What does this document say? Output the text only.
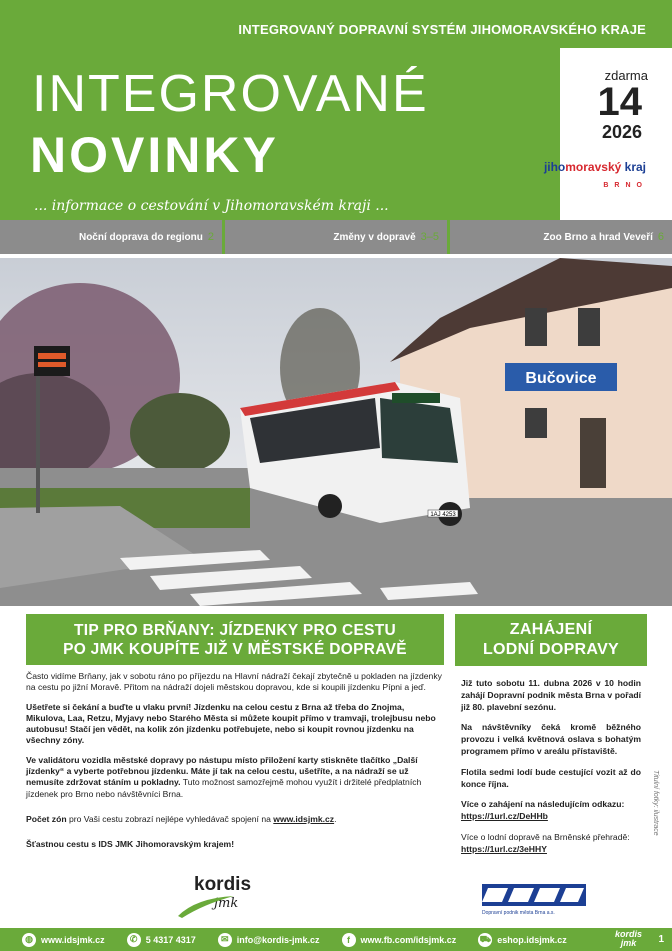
INTEGROVANÝ DOPRAVNÍ SYSTÉM JIHOMORAVSKÉHO KRAJE
INTEGROVANÉ
NOVINKY
... informace o cestování v Jihomoravském kraji ...
zdarma
14
2026
jihomoravský kraj
B R N O
Noční doprava do regionu 2	Změny v dopravě 3–5	Zoo Brno a hrad Veveří 6
Bučovice
1AJ 4253
TIP PRO BRŇANY: JÍZDENKY PRO CESTU
PO JMK KOUPÍTE JIŽ V MĚSTSKÉ DOPRAVĚ

Často vidíme Brňany, jak v sobotu ráno po příjezdu na Hlavní nádraží čekají zbytečně u pokladen na jízdenky na cestu po jižní Moravě. Přitom na nádraží dojeli městskou dopravou, kde si koupili jízdenku Pípni a jeď.

Ušetřete si čekání a buďte u vlaku první! Jízdenku na celou cestu z Brna až třeba do Znojma, Mikulova, Laa, Retzu, Myjavy nebo Starého Města si můžete koupit přímo v tramvaji, trolejbusu nebo autobusu! Stačí jen vědět, na kolik zón jízdenku potřebujete, nebo si koupit rovnou jízdenku na všechny zóny.

Ve validátoru vozidla městské dopravy po nástupu místo přiložení karty stiskněte tlačítko „Další jízdenky“ a vyberte potřebnou jízdenku. Máte jí tak na celou cestu, ušetříte, a na nádraží se už nemusíte zdržovat stáním u pokladny. Tuto možnost samozřejmě mohou využít i držitelé předplatních jízdenek pro Brno nebo návštěvníci Brna.

Počet zón pro Vaši cestu zobrazí nejlépe vyhledávač spojení na www.idsjmk.cz.

Šťastnou cestu s IDS JMK Jihomoravským krajem!

ZAHÁJENÍ
LODNÍ DOPRAVY

Již tuto sobotu 11. dubna 2026 v 10 hodin zahájí Dopravní podnik města Brna v pořadí již 80. plavební sezónu.

Na návštěvníky čeká kromě běžného provozu i velká květnová oslava s bohatým programem přímo v areálu přístaviště.

Flotila sedmi lodí bude cestující vozit až do konce října.

Více o zahájení na následujícím odkazu:

https://1url.cz/DeHHb

Více o lodní dopravě na Brněnské přehradě:

https://1url.cz/3eHHY

Titulní fotky: ilustrace
kordis
jmk
Dopravní podnik města Brna a.s.
◍ www.idsjmk.cz	✆ 5 4317 4317	✉ info@kordis-jmk.cz	f	www.fb.com/idsjmk.cz	⛟ eshop.idsjmk.cz
kordis
jmk	1
